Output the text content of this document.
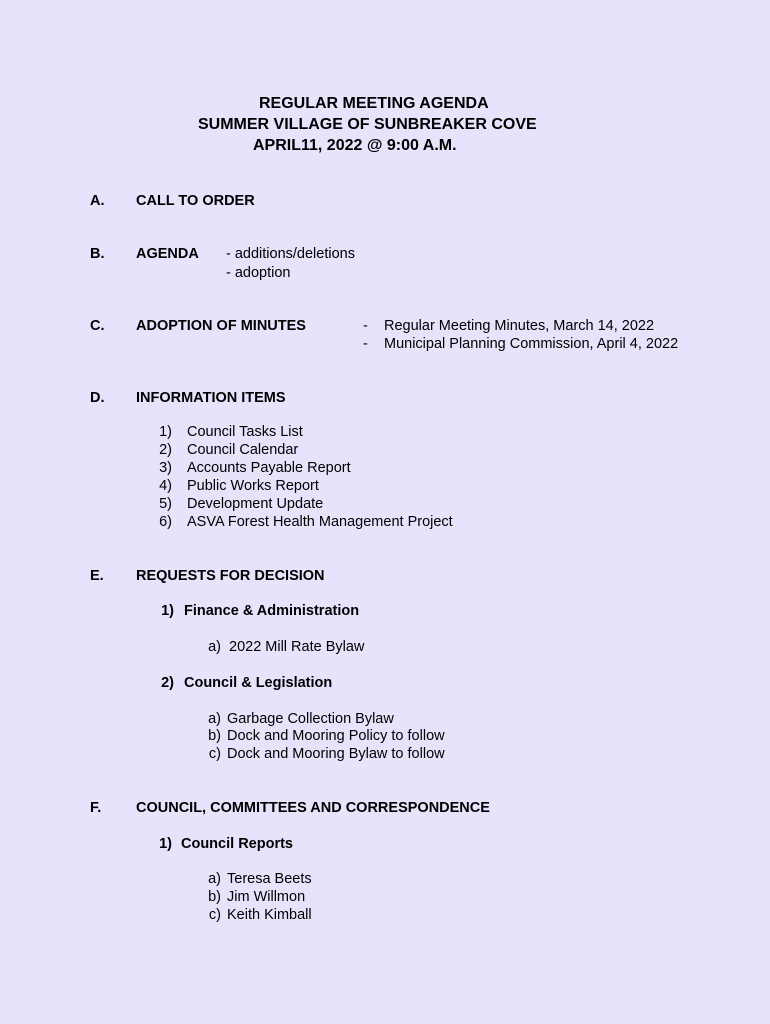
REGULAR MEETING AGENDA
SUMMER VILLAGE OF SUNBREAKER COVE
APRIL11, 2022 @ 9:00 A.M.
A. CALL TO ORDER
B. AGENDA - additions/deletions
- adoption
C. ADOPTION OF MINUTES	- Regular Meeting Minutes, March 14, 2022
- Municipal Planning Commission, April 4, 2022
D. INFORMATION ITEMS
1) Council Tasks List
2) Council Calendar
3) Accounts Payable Report
4) Public Works Report
5) Development Update
6) ASVA Forest Health Management Project
E. REQUESTS FOR DECISION
1) Finance & Administration
a) 2022 Mill Rate Bylaw
2) Council & Legislation
a) Garbage Collection Bylaw
b) Dock and Mooring Policy to follow
c) Dock and Mooring Bylaw to follow
F. COUNCIL, COMMITTEES AND CORRESPONDENCE
1) Council Reports
a) Teresa Beets
b) Jim Willmon
c) Keith Kimball
